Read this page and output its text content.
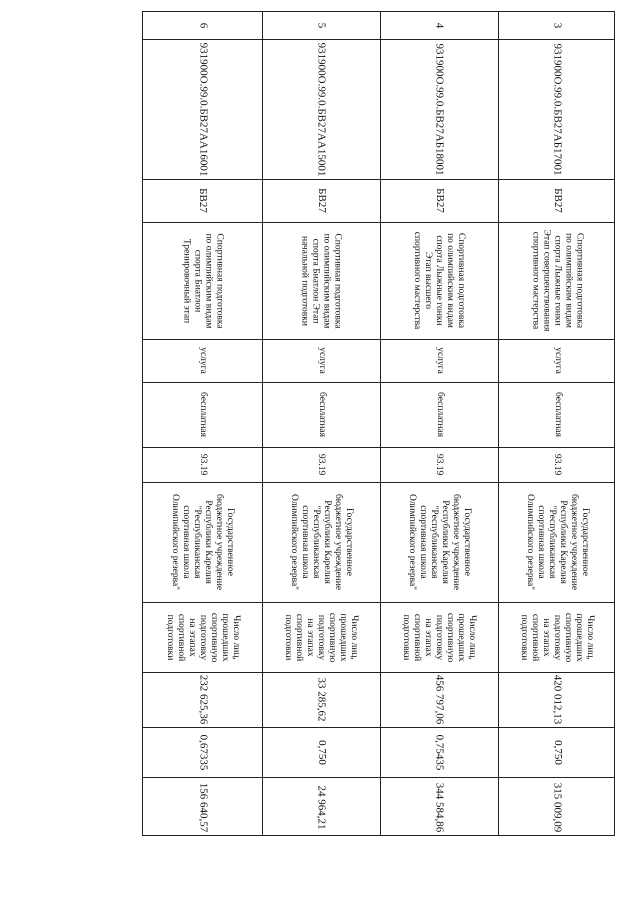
3
931900О.99.0.БВ27АБ17001
БВ27
Спортивная подготовка
по олимпийским видам
спорта Лыжные гонки
Этап совершенствования
спортивного мастерства
услуга
бесплатная
93.19
Государственное
бюджетное учреждение
Республики Карелия
"Республиканская
спортивная школа
Олимпийского резерва"
Число лиц,
прошедших
спортивную
подготовку
на этапах
спортивной
подготовки
420 012,13
0,750
315 009,09
4
931900О.99.0.БВ27АБ18001
БВ27
Спортивная подготовка
по олимпийским видам
спорта Лыжные гонки
Этап высшего
спортивного мастерства
услуга
бесплатная
93.19
Государственное
бюджетное учреждение
Республики Карелия
"Республиканская
спортивная школа
Олимпийского резерва"
Число лиц,
прошедших
спортивную
подготовку
на этапах
спортивной
подготовки
456 797,06
0,75435
344 584,86
5
931900О.99.0.БВ27АА15001
БВ27
Спортивная подготовка
по олимпийским видам
спорта Биатлон Этап
начальной подготовки
услуга
бесплатная
93.19
Государственное
бюджетное учреждение
Республики Карелия
"Республиканская
спортивная школа
Олимпийского резерва"
Число лиц,
прошедших
спортивную
подготовку
на этапах
спортивной
подготовки
33 285,62
0,750
24 964,21
6
931900О.99.0.БВ27АА16001
БВ27
Спортивная подготовка
по олимпийским видам
спорта Биатлон
Тренировочный этап
услуга
бесплатная
93.19
Государственное
бюджетное учреждение
Республики Карелия
"Республиканская
спортивная школа
Олимпийского резерва"
Число лиц,
прошедших
спортивную
подготовку
на этапах
спортивной
подготовки
232 625,36
0,67335
156 640,57
